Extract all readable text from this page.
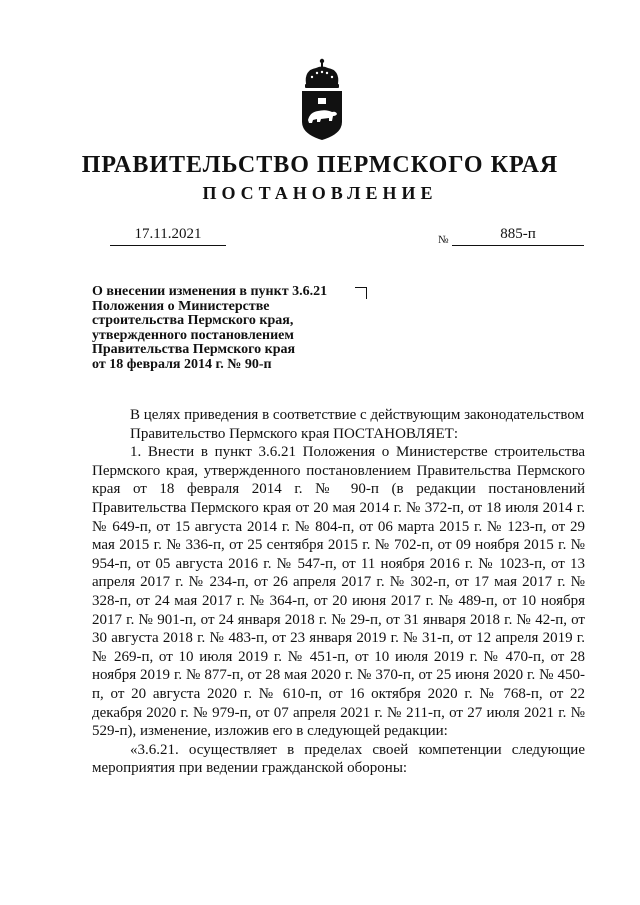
ПРАВИТЕЛЬСТВО ПЕРМСКОГО КРАЯ
ПОСТАНОВЛЕНИЕ
17.11.2021	№	885-п
О внесении изменения в пункт 3.6.21
Положения о Министерстве
строительства Пермского края,
утвержденного постановлением
Правительства Пермского края
от 18 февраля 2014 г. № 90-п

В целях приведения в соответствие с действующим законодательством

Правительство Пермского края ПОСТАНОВЛЯЕТ:

1. Внести в пункт 3.6.21 Положения о Министерстве строительства Пермского края, утвержденного постановлением Правительства Пермского края от 18 февраля 2014 г. № 90-п (в редакции постановлений Правительства Пермского края от 20 мая 2014 г. № 372-п, от 18 июля 2014 г. № 649-п, от 15 августа 2014 г. № 804-п, от 06 марта 2015 г. № 123-п, от 29 мая 2015 г. № 336-п, от 25 сентября 2015 г. № 702-п, от 09 ноября 2015 г. № 954-п, от 05 августа 2016 г. № 547-п, от 11 ноября 2016 г. № 1023-п, от 13 апреля 2017 г. № 234-п, от 26 апреля 2017 г. № 302-п, от 17 мая 2017 г. № 328-п, от 24 мая 2017 г. № 364-п, от 20 июня 2017 г. № 489-п, от 10 ноября 2017 г. № 901-п, от 24 января 2018 г. № 29-п, от 31 января 2018 г. № 42-п, от 30 августа 2018 г. № 483-п, от 23 января 2019 г. № 31-п, от 12 апреля 2019 г. № 269-п, от 10 июля 2019 г. № 451-п, от 10 июля 2019 г. № 470-п, от 28 ноября 2019 г. № 877-п, от 28 мая 2020 г. № 370-п, от 25 июня 2020 г. № 450-п, от 20 августа 2020 г. № 610-п, от 16 октября 2020 г. № 768-п, от 22 декабря 2020 г. № 979-п, от 07 апреля 2021 г. № 211-п, от 27 июля 2021 г. № 529-п), изменение, изложив его в следующей редакции:

«3.6.21. осуществляет в пределах своей компетенции следующие мероприятия при ведении гражданской обороны:
